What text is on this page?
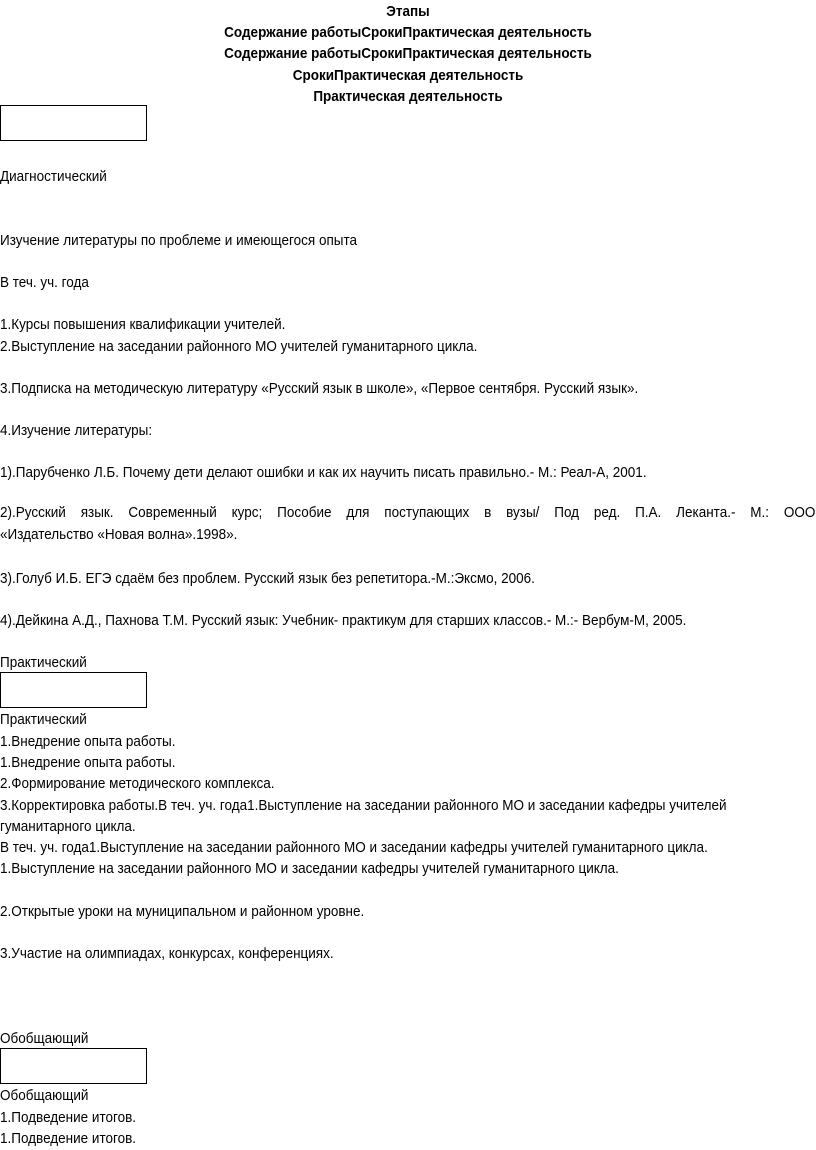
Этапы
Содержание работыСрокиПрактическая деятельность
Содержание работыСрокиПрактическая деятельность
СрокиПрактическая деятельность
Практическая деятельность
Диагностический
Изучение литературы по проблеме и имеющегося опыта
В теч. уч. года
1.Курсы повышения квалификации учителей.
2.Выступление на заседании районного МО учителей гуманитарного цикла.
3.Подписка на методическую литературу «Русский язык в школе», «Первое сентября. Русский язык».
4.Изучение литературы:
1).Парубченко Л.Б. Почему дети делают ошибки и как их научить писать правильно.- М.: Реал-А, 2001.
2).Русский язык. Современный курс; Пособие для поступающих в вузы/ Под ред. П.А. Леканта.- М.: ООО
«Издательство «Новая волна».1998».
3).Голуб И.Б. ЕГЭ сдаём без проблем. Русский язык без репетитора.-М.:Эксмо, 2006.
4).Дейкина А.Д., Пахнова Т.М. Русский язык: Учебник- практикум для старших классов.- М.:- Вербум-М, 2005.
Практический
Практический
1.Внедрение опыта работы.
1.Внедрение опыта работы.
2.Формирование методического комплекса.
3.Корректировка работы.В теч. уч. года1.Выступление на заседании районного МО и заседании кафедры учителей
гуманитарного цикла.
В теч. уч. года1.Выступление на заседании районного МО и заседании кафедры учителей гуманитарного цикла.
1.Выступление на заседании районного МО и заседании кафедры учителей гуманитарного цикла.
2.Открытые уроки на муниципальном и районном уровне.
3.Участие на олимпиадах, конкурсах, конференциях.
Обобщающий
Обобщающий
1.Подведение итогов.
1.Подведение итогов.
